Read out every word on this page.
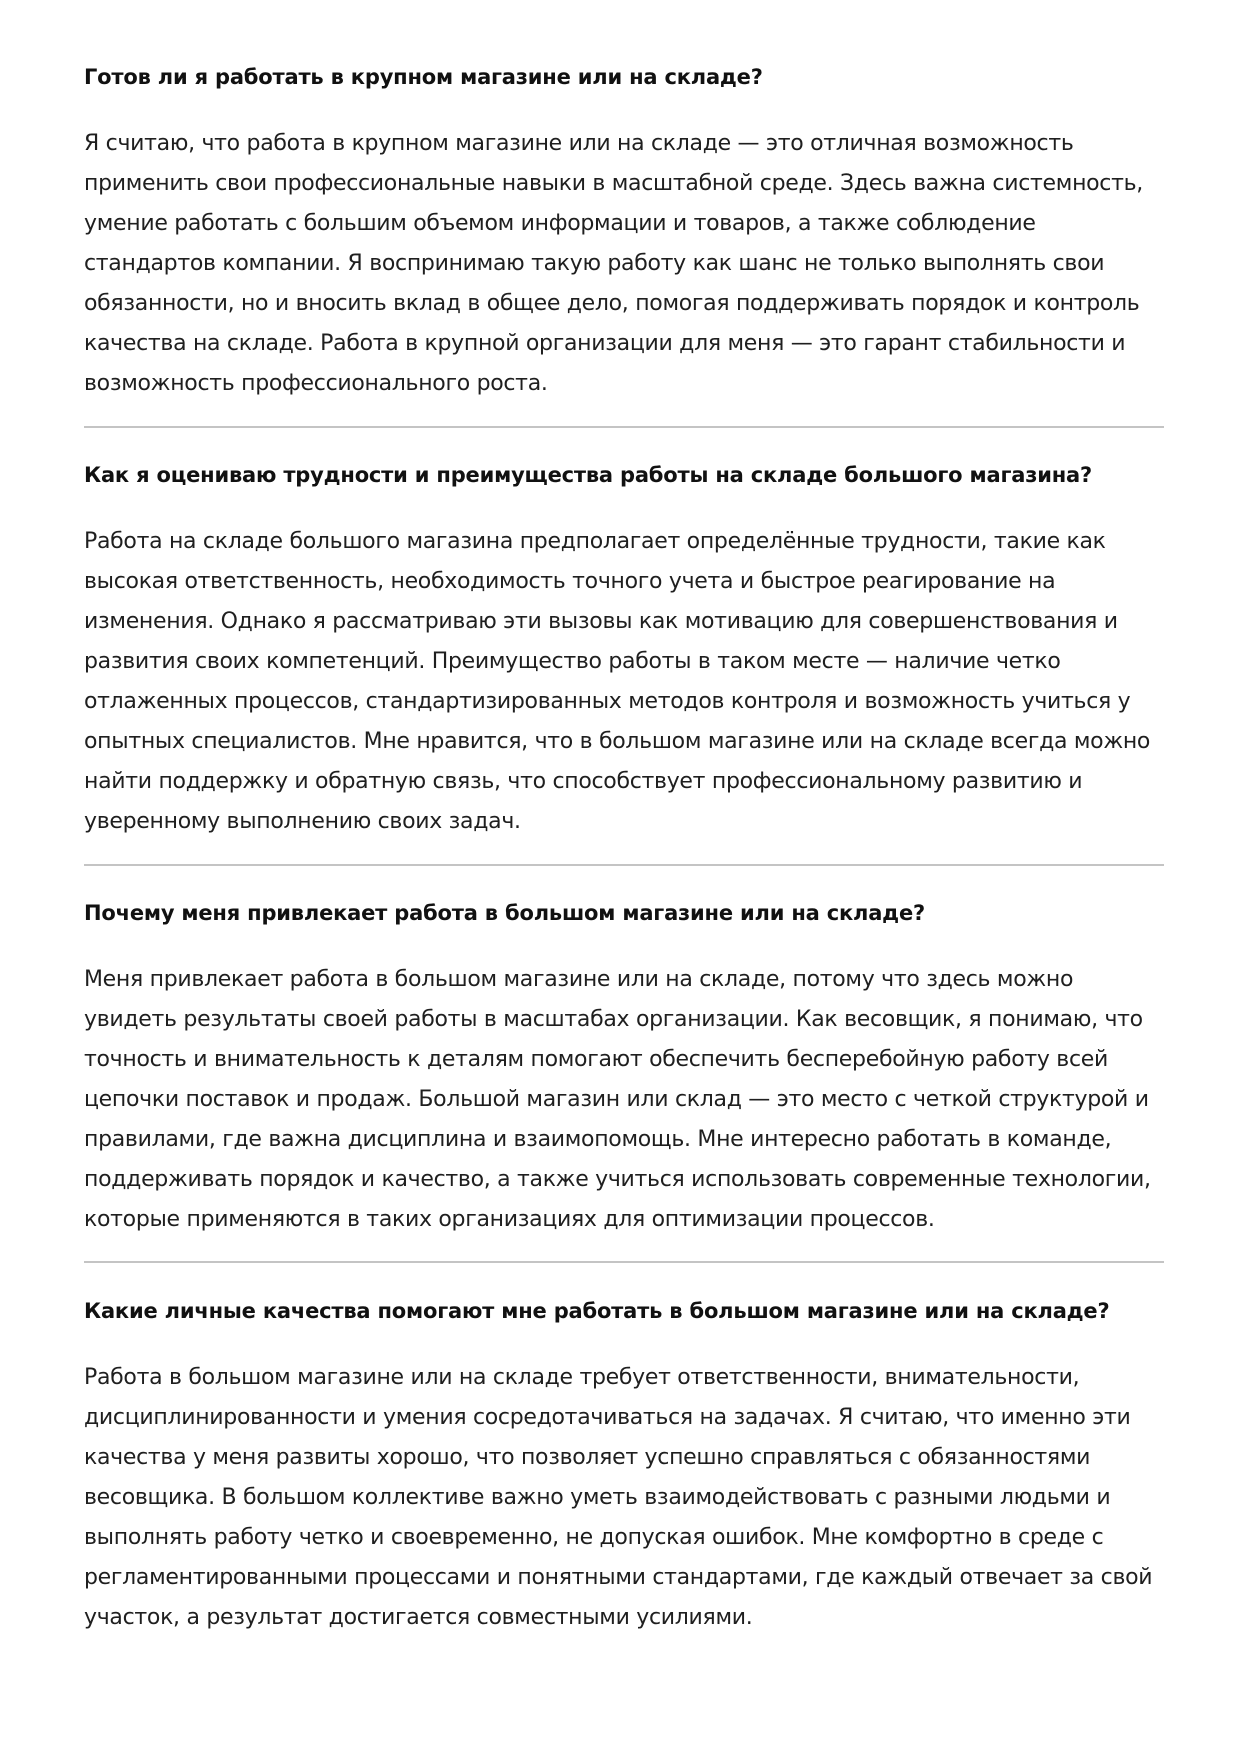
Готов ли я работать в крупном магазине или на складе?

Я считаю, что работа в крупном магазине или на складе — это отличная возможность применить свои профессиональные навыки в масштабной среде. Здесь важна системность, умение работать с большим объемом информации и товаров, а также соблюдение стандартов компании. Я воспринимаю такую работу как шанс не только выполнять свои обязанности, но и вносить вклад в общее дело, помогая поддерживать порядок и контроль качества на складе. Работа в крупной организации для меня — это гарант стабильности и возможность профессионального роста.

Как я оцениваю трудности и преимущества работы на складе большого магазина?

Работа на складе большого магазина предполагает определённые трудности, такие как высокая ответственность, необходимость точного учета и быстрое реагирование на изменения. Однако я рассматриваю эти вызовы как мотивацию для совершенствования и развития своих компетенций. Преимущество работы в таком месте — наличие четко отлаженных процессов, стандартизированных методов контроля и возможность учиться у опытных специалистов. Мне нравится, что в большом магазине или на складе всегда можно найти поддержку и обратную связь, что способствует профессиональному развитию и уверенному выполнению своих задач.

Почему меня привлекает работа в большом магазине или на складе?

Меня привлекает работа в большом магазине или на складе, потому что здесь можно увидеть результаты своей работы в масштабах организации. Как весовщик, я понимаю, что точность и внимательность к деталям помогают обеспечить бесперебойную работу всей цепочки поставок и продаж. Большой магазин или склад — это место с четкой структурой и правилами, где важна дисциплина и взаимопомощь. Мне интересно работать в команде, поддерживать порядок и качество, а также учиться использовать современные технологии, которые применяются в таких организациях для оптимизации процессов.

Какие личные качества помогают мне работать в большом магазине или на складе?

Работа в большом магазине или на складе требует ответственности, внимательности, дисциплинированности и умения сосредотачиваться на задачах. Я считаю, что именно эти качества у меня развиты хорошо, что позволяет успешно справляться с обязанностями весовщика. В большом коллективе важно уметь взаимодействовать с разными людьми и выполнять работу четко и своевременно, не допуская ошибок. Мне комфортно в среде с регламентированными процессами и понятными стандартами, где каждый отвечает за свой участок, а результат достигается совместными усилиями.
